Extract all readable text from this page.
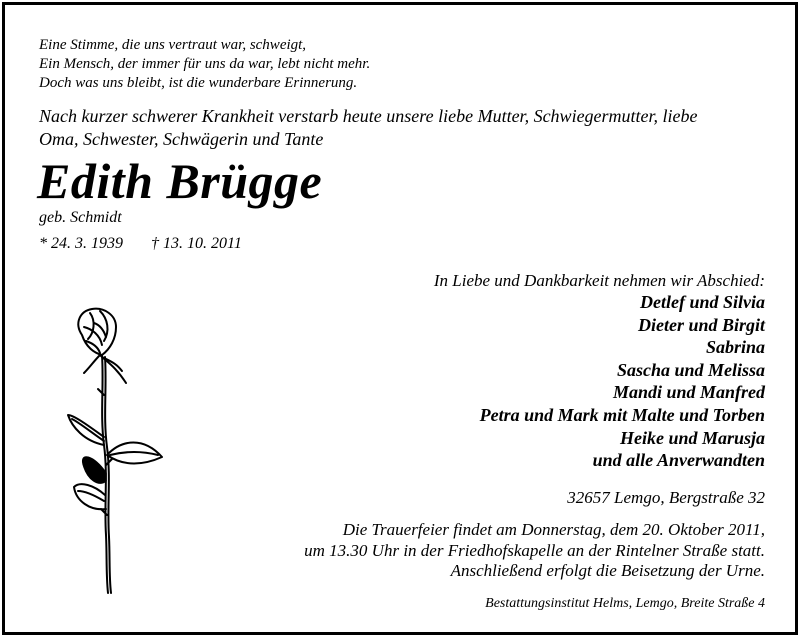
Eine Stimme, die uns vertraut war, schweigt,
Ein Mensch, der immer für uns da war, lebt nicht mehr.
Doch was uns bleibt, ist die wunderbare Erinnerung.
Nach kurzer schwerer Krankheit verstarb heute unsere liebe Mutter, Schwiegermutter, liebe
Oma, Schwester, Schwägerin und Tante
Edith Brügge
geb. Schmidt
* 24. 3. 1939 † 13. 10. 2011
In Liebe und Dankbarkeit nehmen wir Abschied:
Detlef und Silvia
Dieter und Birgit
Sabrina
Sascha und Melissa
Mandi und Manfred
Petra und Mark mit Malte und Torben
Heike und Marusja
und alle Anverwandten
32657 Lemgo, Bergstraße 32
Die Trauerfeier findet am Donnerstag, dem 20. Oktober 2011,
um 13.30 Uhr in der Friedhofskapelle an der Rintelner Straße statt.
Anschließend erfolgt die Beisetzung der Urne.
Bestattungsinstitut Helms, Lemgo, Breite Straße 4
